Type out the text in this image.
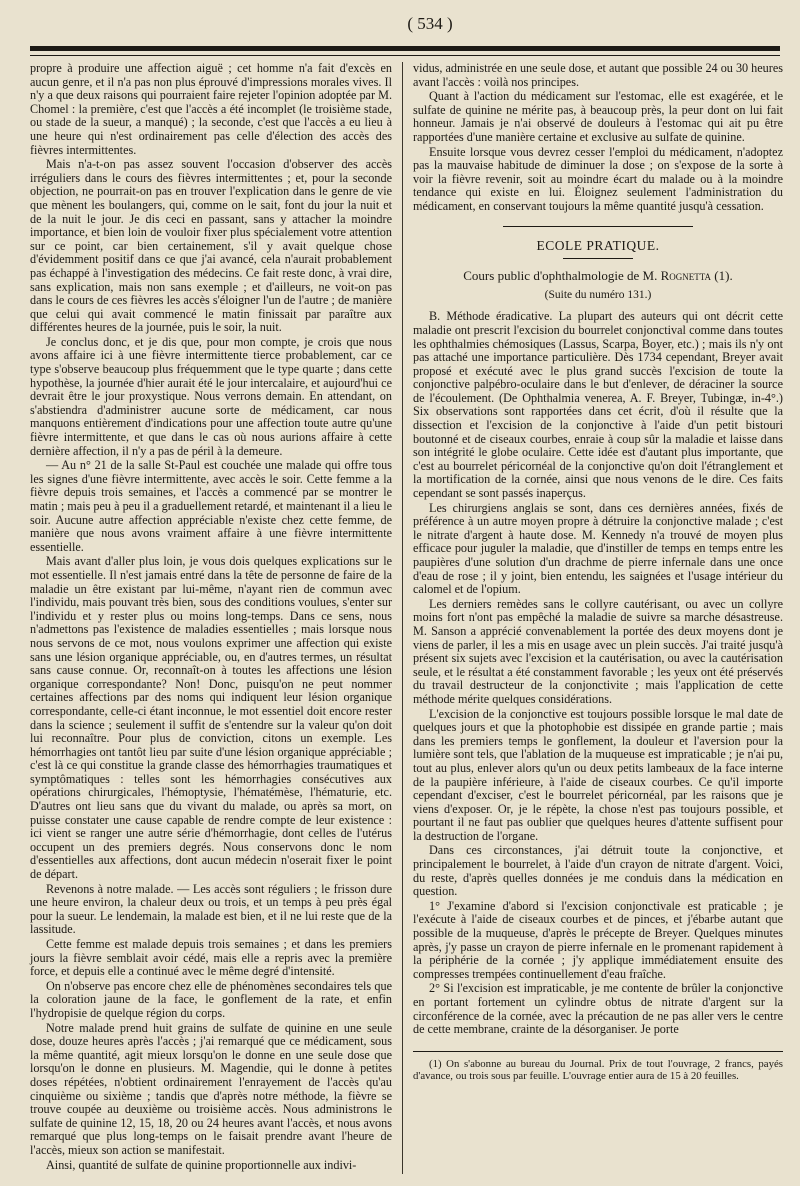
( 534 )

propre à produire une affection aiguë ; cet homme n'a fait d'excès en aucun genre, et il n'a pas non plus éprouvé d'impressions morales vives. Il n'y a que deux raisons qui pourraient faire rejeter l'opinion adoptée par M. Chomel : la première, c'est que l'accès a été incomplet (le troisième stade, ou stade de la sueur, a manqué) ; la seconde, c'est que l'accès a eu lieu à une heure qui n'est ordinairement pas celle d'élection des accès des fièvres intermittentes.

Mais n'a-t-on pas assez souvent l'occasion d'observer des accès irréguliers dans le cours des fièvres intermittentes ; et, pour la seconde objection, ne pourrait-on pas en trouver l'explication dans le genre de vie que mènent les boulangers, qui, comme on le sait, font du jour la nuit et de la nuit le jour. Je dis ceci en passant, sans y attacher la moindre importance, et bien loin de vouloir fixer plus spécialement votre attention sur ce point, car bien certainement, s'il y avait quelque chose d'évidemment positif dans ce que j'ai avancé, cela n'aurait probablement pas échappé à l'investigation des médecins. Ce fait reste donc, à vrai dire, sans explication, mais non sans exemple ; et d'ailleurs, ne voit-on pas dans le cours de ces fièvres les accès s'éloigner l'un de l'autre ; de manière que celui qui avait commencé le matin finissait par paraître aux différentes heures de la journée, puis le soir, la nuit.

Je conclus donc, et je dis que, pour mon compte, je crois que nous avons affaire ici à une fièvre intermittente tierce probablement, car ce type s'observe beaucoup plus fréquemment que le type quarte ; dans cette hypothèse, la journée d'hier aurait été le jour intercalaire, et aujourd'hui ce devrait être le jour proxystique. Nous verrons demain. En attendant, on s'abstiendra d'administrer aucune sorte de médicament, car nous manquons entièrement d'indications pour une affection toute autre qu'une fièvre intermittente, et que dans le cas où nous aurions affaire à cette dernière affection, il n'y a pas de péril à la demeure.

— Au n° 21 de la salle St-Paul est couchée une malade qui offre tous les signes d'une fièvre intermittente, avec accès le soir. Cette femme a la fièvre depuis trois semaines, et l'accès a commencé par se montrer le matin ; mais peu à peu il a graduellement retardé, et maintenant il a lieu le soir. Aucune autre affection appréciable n'existe chez cette femme, de manière que nous avons vraiment affaire à une fièvre intermittente essentielle.

Mais avant d'aller plus loin, je vous dois quelques explications sur le mot essentielle. Il n'est jamais entré dans la tête de personne de faire de la maladie un être existant par lui-même, n'ayant rien de commun avec l'individu, mais pouvant très bien, sous des conditions voulues, s'enter sur l'individu et y rester plus ou moins long-temps. Dans ce sens, nous n'admettons pas l'existence de maladies essentielles ; mais lorsque nous nous servons de ce mot, nous voulons exprimer une affection qui existe sans une lésion organique appréciable, ou, en d'autres termes, un résultat sans cause connue. Or, reconnaît-on à toutes les affections une lésion organique correspondante? Non! Donc, puisqu'on ne peut nommer certaines affections par des noms qui indiquent leur lésion organique correspondante, celle-ci étant inconnue, le mot essentiel doit encore rester dans la science ; seulement il suffit de s'entendre sur la valeur qu'on doit lui reconnaître. Pour plus de conviction, citons un exemple. Les hémorrhagies ont tantôt lieu par suite d'une lésion organique appréciable ; c'est là ce qui constitue la grande classe des hémorrhagies traumatiques et symptômatiques : telles sont les hémorrhagies consécutives aux opérations chirurgicales, l'hémoptysie, l'hématémèse, l'hématurie, etc. D'autres ont lieu sans que du vivant du malade, ou après sa mort, on puisse constater une cause capable de rendre compte de leur existence : ici vient se ranger une autre série d'hémorrhagie, dont celles de l'utérus occupent un des premiers degrés. Nous conservons donc le nom d'essentielles aux affections, dont aucun médecin n'oserait fixer le point de départ.

Revenons à notre malade. — Les accès sont réguliers ; le frisson dure une heure environ, la chaleur deux ou trois, et un temps à peu près égal pour la sueur. Le lendemain, la malade est bien, et il ne lui reste que de la lassitude.

Cette femme est malade depuis trois semaines ; et dans les premiers jours la fièvre semblait avoir cédé, mais elle a repris avec la première force, et depuis elle a continué avec le même degré d'intensité.

On n'observe pas encore chez elle de phénomènes secondaires tels que la coloration jaune de la face, le gonflement de la rate, et enfin l'hydropisie de quelque région du corps.

Notre malade prend huit grains de sulfate de quinine en une seule dose, douze heures après l'accès ; j'ai remarqué que ce médicament, sous la même quantité, agit mieux lorsqu'on le donne en une seule dose que lorsqu'on le donne en plusieurs. M. Magendie, qui le donne à petites doses répétées, n'obtient ordinairement l'enrayement de l'accès qu'au cinquième ou sixième ; tandis que d'après notre méthode, la fièvre se trouve coupée au deuxième ou troisième accès. Nous administrons le sulfate de quinine 12, 15, 18, 20 ou 24 heures avant l'accès, et nous avons remarqué que plus long-temps on le faisait prendre avant l'heure de l'accès, mieux son action se manifestait.

Ainsi, quantité de sulfate de quinine proportionnelle aux indivi-

vidus, administrée en une seule dose, et autant que possible 24 ou 30 heures avant l'accès : voilà nos principes.

Quant à l'action du médicament sur l'estomac, elle est exagérée, et le sulfate de quinine ne mérite pas, à beaucoup près, la peur dont on lui fait honneur. Jamais je n'ai observé de douleurs à l'estomac qui ait pu être rapportées d'une manière certaine et exclusive au sulfate de quinine.

Ensuite lorsque vous devrez cesser l'emploi du médicament, n'adoptez pas la mauvaise habitude de diminuer la dose ; on s'expose de la sorte à voir la fièvre revenir, soit au moindre écart du malade ou à la moindre tendance qui existe en lui. Éloignez seulement l'administration du médicament, en conservant toujours la même quantité jusqu'à cessation.

ECOLE PRATIQUE.
Cours public d'ophthalmologie de M. Rognetta (1).
(Suite du numéro 131.)

B. Méthode éradicative. La plupart des auteurs qui ont décrit cette maladie ont prescrit l'excision du bourrelet conjonctival comme dans toutes les ophthalmies chémosiques (Lassus, Scarpa, Boyer, etc.) ; mais ils n'y ont pas attaché une importance particulière. Dès 1734 cependant, Breyer avait proposé et exécuté avec le plus grand succès l'excision de toute la conjonctive palpébro-oculaire dans le but d'enlever, de déraciner la source de l'écoulement. (De Ophthalmia venerea, A. F. Breyer, Tubingæ, in-4°.) Six observations sont rapportées dans cet écrit, d'où il résulte que la dissection et l'excision de la conjonctive à l'aide d'un petit bistouri boutonné et de ciseaux courbes, enraie à coup sûr la maladie et laisse dans son intégrité le globe oculaire. Cette idée est d'autant plus importante, que c'est au bourrelet péricornéal de la conjonctive qu'on doit l'étranglement et la mortification de la cornée, ainsi que nous venons de le dire. Ces faits cependant se sont passés inaperçus.

Les chirurgiens anglais se sont, dans ces dernières années, fixés de préférence à un autre moyen propre à détruire la conjonctive malade ; c'est le nitrate d'argent à haute dose. M. Kennedy n'a trouvé de moyen plus efficace pour juguler la maladie, que d'instiller de temps en temps entre les paupières d'une solution d'un drachme de pierre infernale dans une once d'eau de rose ; il y joint, bien entendu, les saignées et l'usage intérieur du calomel et de l'opium.

Les derniers remèdes sans le collyre cautérisant, ou avec un collyre moins fort n'ont pas empêché la maladie de suivre sa marche désastreuse. M. Sanson a apprécié convenablement la portée des deux moyens dont je viens de parler, il les a mis en usage avec un plein succès. J'ai traité jusqu'à présent six sujets avec l'excision et la cautérisation, ou avec la cautérisation seule, et le résultat a été constamment favorable ; les yeux ont été préservés du travail destructeur de la conjonctivite ; mais l'application de cette méthode mérite quelques considérations.

L'excision de la conjonctive est toujours possible lorsque le mal date de quelques jours et que la photophobie est dissipée en grande partie ; mais dans les premiers temps le gonflement, la douleur et l'aversion pour la lumière sont tels, que l'ablation de la muqueuse est impraticable ; je n'ai pu, tout au plus, enlever alors qu'un ou deux petits lambeaux de la face interne de la paupière inférieure, à l'aide de ciseaux courbes. Ce qu'il importe cependant d'exciser, c'est le bourrelet péricornéal, par les raisons que je viens d'exposer. Or, je le répète, la chose n'est pas toujours possible, et pourtant il ne faut pas oublier que quelques heures d'attente suffisent pour la destruction de l'organe.

Dans ces circonstances, j'ai détruit toute la conjonctive, et principalement le bourrelet, à l'aide d'un crayon de nitrate d'argent. Voici, du reste, d'après quelles données je me conduis dans la médication en question.

1° J'examine d'abord si l'excision conjonctivale est praticable ; je l'exécute à l'aide de ciseaux courbes et de pinces, et j'ébarbe autant que possible de la muqueuse, d'après le précepte de Breyer. Quelques minutes après, j'y passe un crayon de pierre infernale en le promenant rapidement à la périphérie de la cornée ; j'y applique immédiatement ensuite des compresses trempées continuellement d'eau fraîche.

2° Si l'excision est impraticable, je me contente de brûler la conjonctive en portant fortement un cylindre obtus de nitrate d'argent sur la circonférence de la cornée, avec la précaution de ne pas aller vers le centre de cette membrane, crainte de la désorganiser. Je porte

(1) On s'abonne au bureau du Journal. Prix de tout l'ouvrage, 2 francs, payés d'avance, ou trois sous par feuille. L'ouvrage entier aura de 15 à 20 feuilles.
